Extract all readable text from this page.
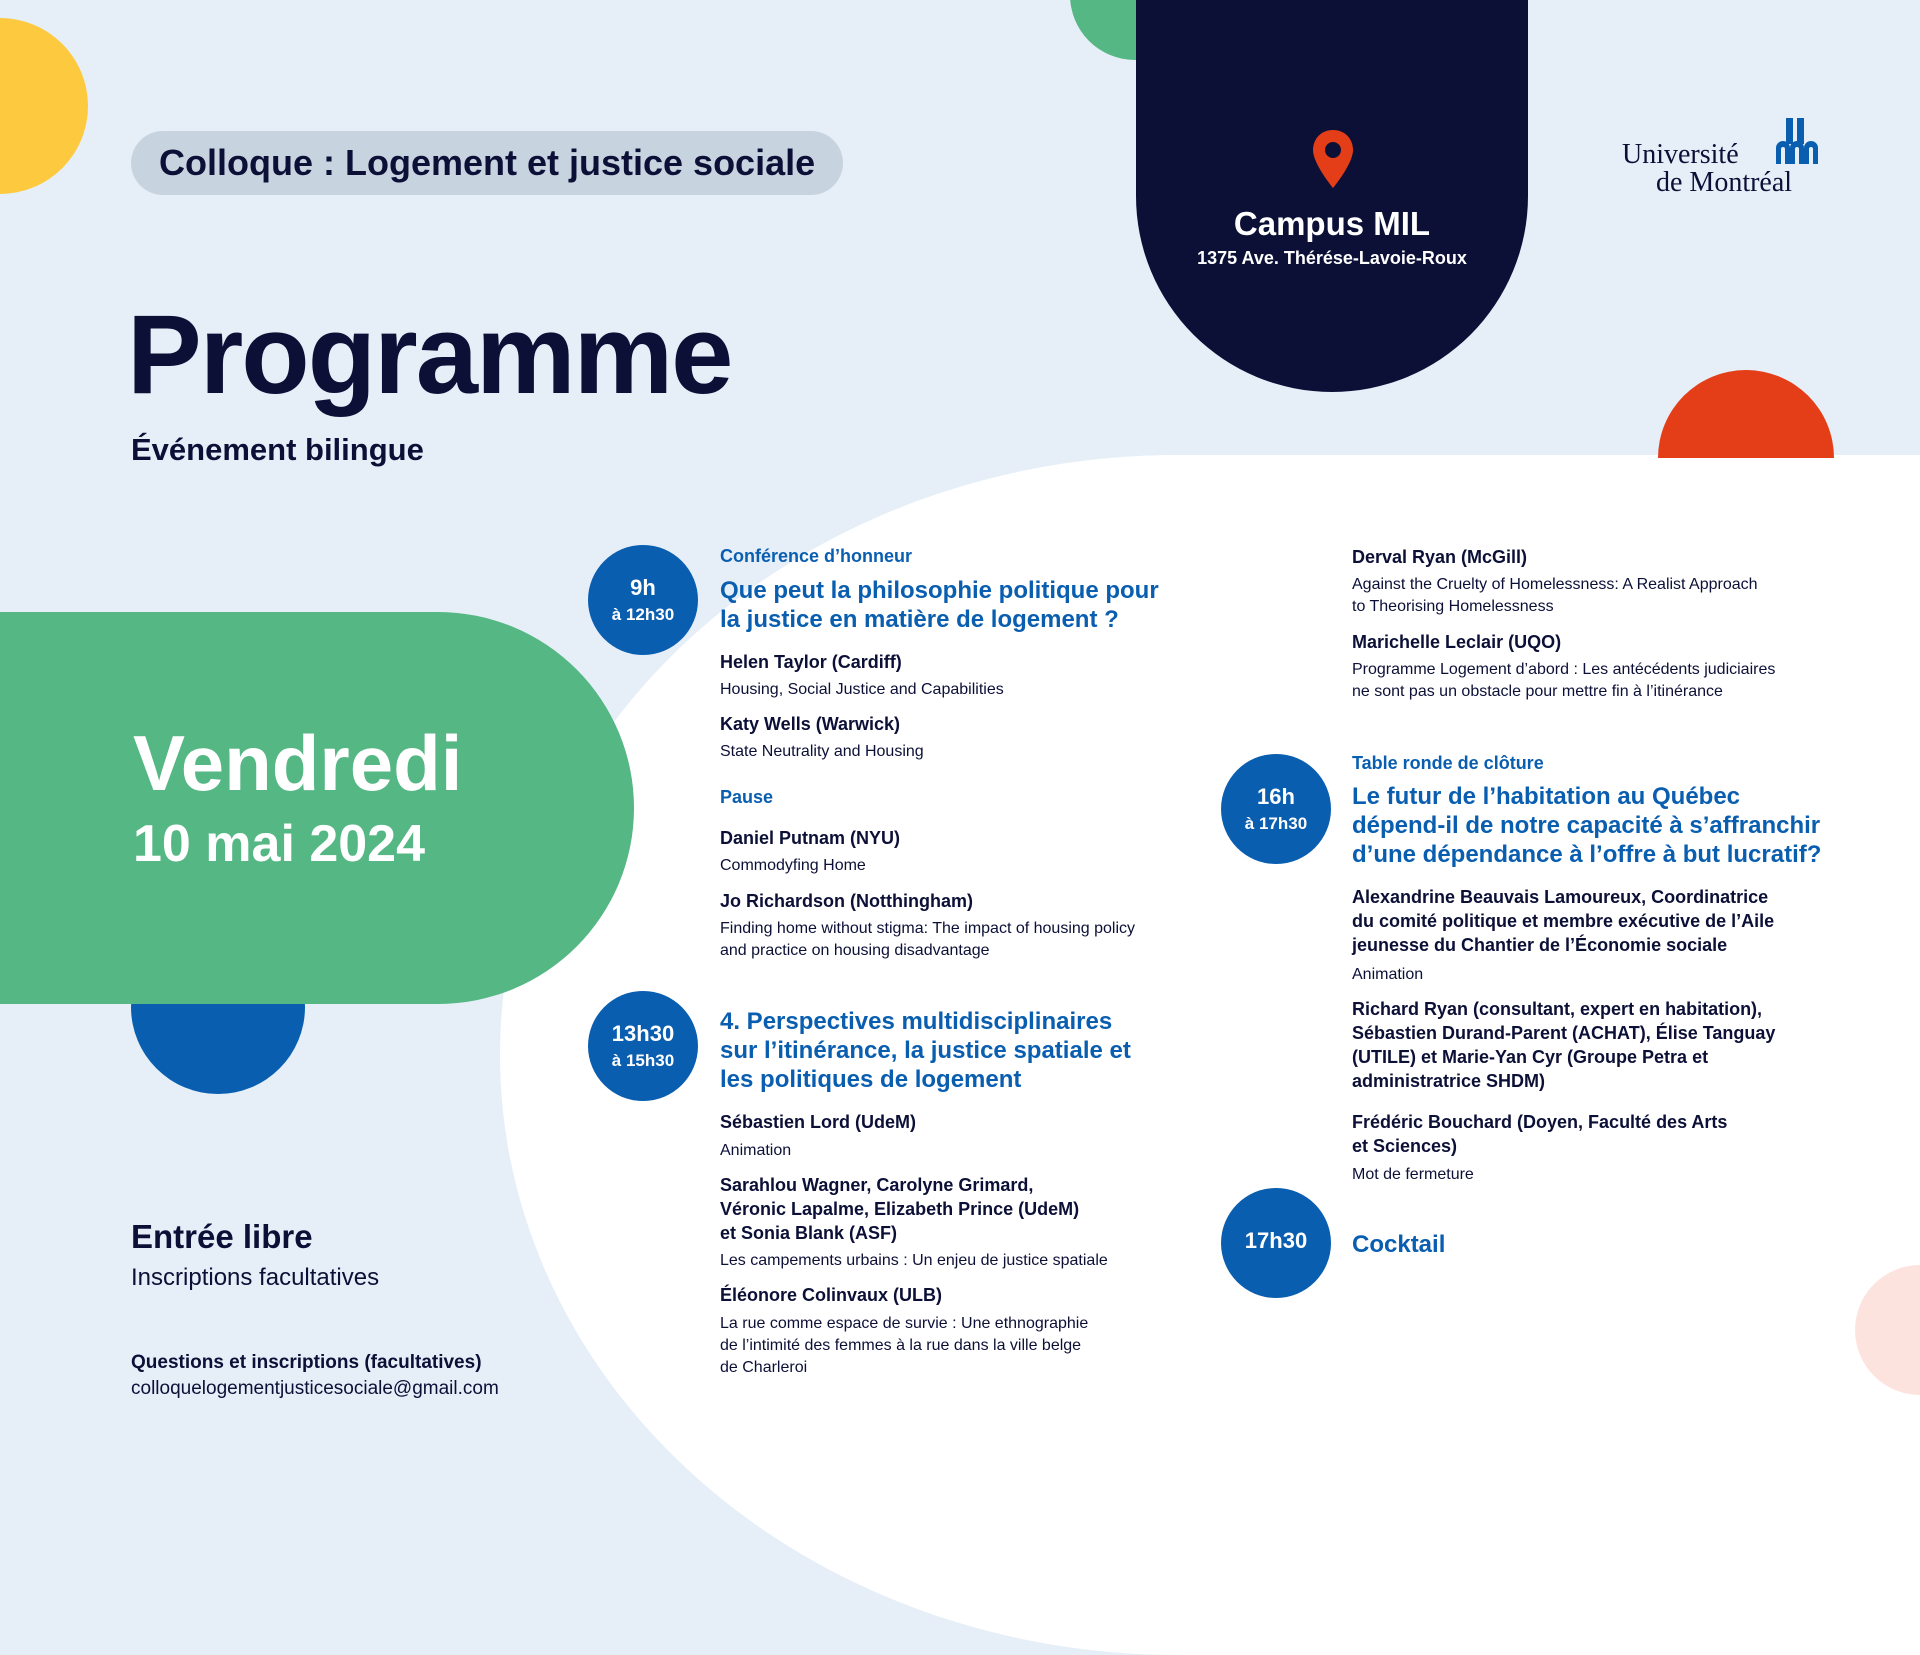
Colloque : Logement et justice sociale
Programme
Événement bilingue
Campus MIL
1375 Ave. Thérése-Lavoie-Roux
Université
de Montréal
Vendredi
10 mai 2024
Entrée libre
Inscriptions facultatives
Questions et inscriptions (facultatives)
colloquelogementjusticesociale@gmail.com
9h
à 12h30
13h30
à 15h30
16h
à 17h30
17h30
Conférence d’honneur
Que peut la philosophie politique pour
la justice en matière de logement ?
Helen Taylor (Cardiff)
Housing, Social Justice and Capabilities
Katy Wells (Warwick)
State Neutrality and Housing
Pause
Daniel Putnam (NYU)
Commodyfing Home
Jo Richardson (Notthingham)
Finding home without stigma: The impact of housing policy
and practice on housing disadvantage
4. Perspectives multidisciplinaires
sur l’itinérance, la justice spatiale et
les politiques de logement
Sébastien Lord (UdeM)
Animation
Sarahlou Wagner, Carolyne Grimard,
Véronic Lapalme, Elizabeth Prince (UdeM)
et Sonia Blank (ASF)
Les campements urbains : Un enjeu de justice spatiale
Éléonore Colinvaux (ULB)
La rue comme espace de survie : Une ethnographie
de l’intimité des femmes à la rue dans la ville belge
de Charleroi
Derval Ryan (McGill)
Against the Cruelty of Homelessness: A Realist Approach
to Theorising Homelessness
Marichelle Leclair (UQO)
Programme Logement d’abord : Les antécédents judiciaires
ne sont pas un obstacle pour mettre fin à l’itinérance
Table ronde de clôture
Le futur de l’habitation au Québec
dépend-il de notre capacité à s’affranchir
d’une dépendance à l’offre à but lucratif?
Alexandrine Beauvais Lamoureux, Coordinatrice
du comité politique et membre exécutive de l’Aile
jeunesse du Chantier de l’Économie sociale
Animation
Richard Ryan (consultant, expert en habitation),
Sébastien Durand-Parent (ACHAT), Élise Tanguay
(UTILE) et Marie-Yan Cyr (Groupe Petra et
administratrice SHDM)
Frédéric Bouchard (Doyen, Faculté des Arts
et Sciences)
Mot de fermeture
Cocktail
